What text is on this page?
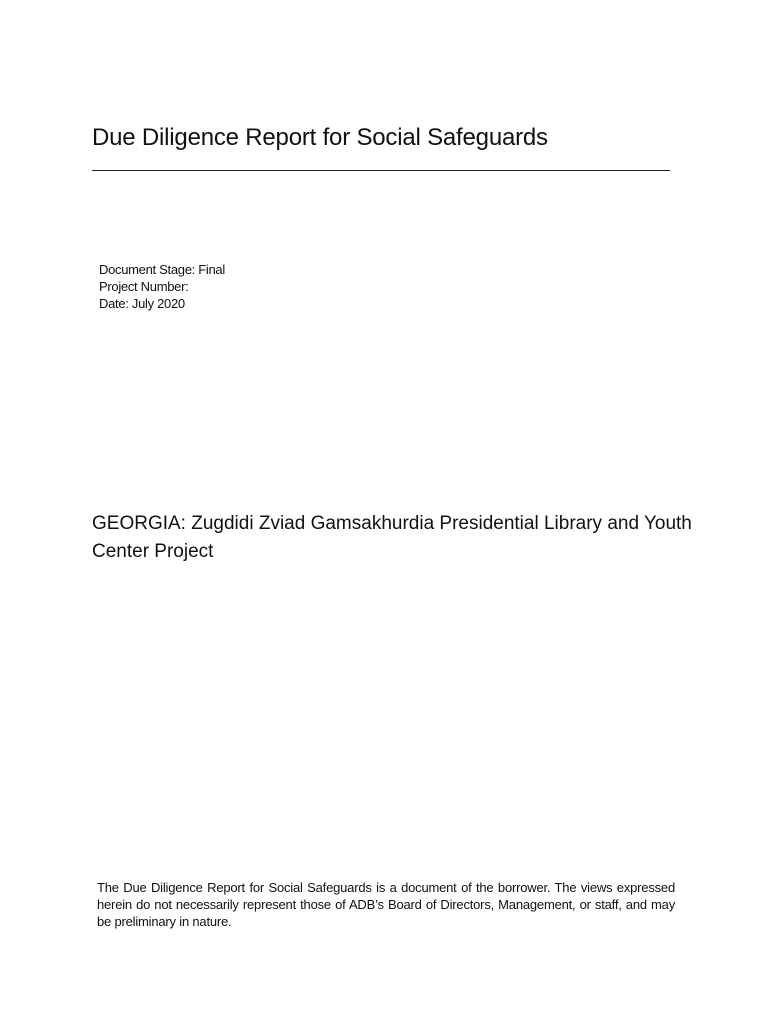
Due Diligence Report for Social Safeguards
Document Stage: Final
Project Number:
Date: July 2020
GEORGIA: Zugdidi Zviad Gamsakhurdia Presidential Library and Youth Center Project

The Due Diligence Report for Social Safeguards is a document of the borrower. The views expressed herein do not necessarily represent those of ADB’s Board of Directors, Management, or staff, and may be preliminary in nature.
